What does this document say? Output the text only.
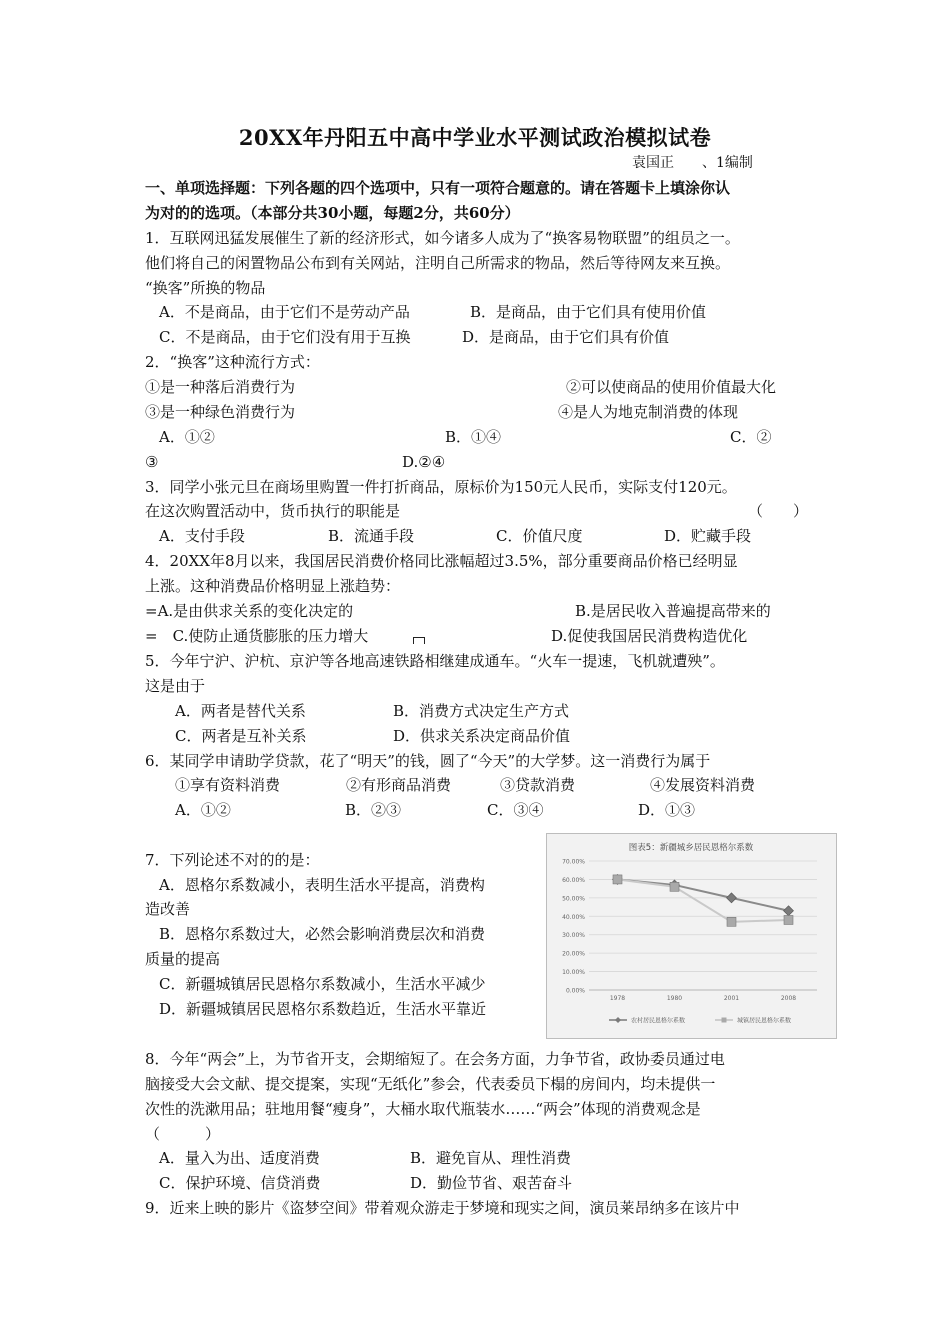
20XX年丹阳五中高中学业水平测试政治模拟试卷
袁国正　　、1编制
一、单项选择题：下列各题的四个选项中，只有一项符合题意的。请在答题卡上填涂你认
为对的的选项。（本部分共30小题，每题2分，共60分）
1．互联网迅猛发展催生了新的经济形式，如今诸多人成为了“换客易物联盟”的组员之一。
他们将自己的闲置物品公布到有关网站，注明自己所需求的物品，然后等待网友来互换。
“换客”所换的物品
A．不是商品，由于它们不是劳动产品	B．是商品，由于它们具有使用价值
C．不是商品，由于它们没有用于互换	D．是商品，由于它们具有价值
2．“换客”这种流行方式：
①是一种落后消费行为	②可以使商品的使用价值最大化
③是一种绿色消费行为	④是人为地克制消费的体现
A．①②	B．①④	C．②
③	D.②④
3．同学小张元旦在商场里购置一件打折商品，原标价为150元人民币，实际支付120元。
在这次购置活动中，货币执行的职能是	（　　）
A．支付手段	B．流通手段	C．价值尺度	D．贮藏手段
4．20XX年8月以来，我国居民消费价格同比涨幅超过3.5%，部分重要商品价格已经明显
上涨。这种消费品价格明显上涨趋势：
=A.是由供求关系的变化决定的	B.是居民收入普遍提高带来的
=　C.使防止通货膨胀的压力增大	D.促使我国居民消费构造优化
5．今年宁沪、沪杭、京沪等各地高速铁路相继建成通车。“火车一提速，飞机就遭殃”。
这是由于
A．两者是替代关系	B．消费方式决定生产方式
C．两者是互补关系	D．供求关系决定商品价值
6．某同学申请助学贷款，花了“明天”的钱，圆了“今天”的大学梦。这一消费行为属于
①享有资料消费	②有形商品消费	③贷款消费	④发展资料消费
A．①②	B．②③	C．③④	D．①③
7．下列论述不对的的是：
A．恩格尔系数减小，表明生活水平提高，消费构
造改善
B．恩格尔系数过大，必然会影响消费层次和消费
质量的提高
C．新疆城镇居民恩格尔系数减小，生活水平减少
D．新疆城镇居民恩格尔系数趋近，生活水平靠近
图表5：新疆城乡居民恩格尔系数
70.00%
60.00%
50.00%
40.00%
30.00%
20.00%
10.00%
0.00%
1978	1980	2001	2008
农村居民恩格尔系数	城镇居民恩格尔系数
8．今年“两会”上，为节省开支，会期缩短了。在会务方面，力争节省，政协委员通过电
脑接受大会文献、提交提案，实现“无纸化”参会，代表委员下榻的房间内，均未提供一
次性的洗漱用品；驻地用餐“瘦身”，大桶水取代瓶装水……“两会”体现的消费观念是
（　　　）
A．量入为出、适度消费	B．避免盲从、理性消费
C．保护环境、信贷消费	D．勤俭节省、艰苦奋斗
9．近来上映的影片《盗梦空间》带着观众游走于梦境和现实之间，演员莱昂纳多在该片中
